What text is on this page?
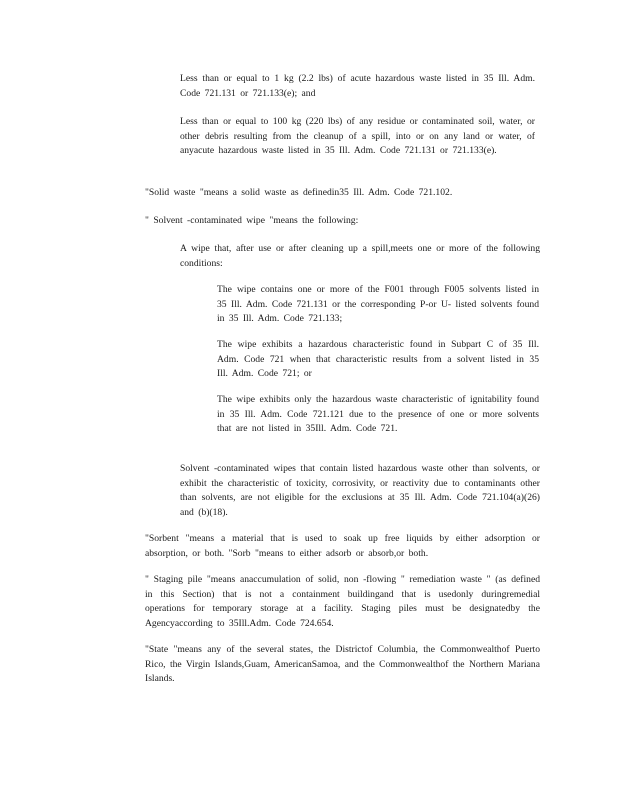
Less than or equal to 1 kg (2.2 lbs) of acute hazardous waste listed in 35 Ill. Adm. Code 721.131 or 721.133(e); and

Less than or equal to 100 kg (220 lbs) of any residue or contaminated soil, water, or other debris resulting from the cleanup of a spill, into or on any land or water, of anyacute hazardous waste listed in 35 Ill. Adm. Code 721.131 or 721.133(e).

"Solid waste "means a solid waste as definedin35 Ill. Adm. Code 721.102.

" Solvent -contaminated wipe "means the following:

A wipe that, after use or after cleaning up a spill,meets one or more of the following conditions:

The wipe contains one or more of the F001 through F005 solvents listed in 35 Ill. Adm. Code 721.131 or the corresponding P-or U- listed solvents found in 35 Ill. Adm. Code 721.133;

The wipe exhibits a hazardous characteristic found in Subpart C of 35 Ill. Adm. Code 721 when that characteristic results from a solvent listed in 35 Ill. Adm. Code 721; or

The wipe exhibits only the hazardous waste characteristic of ignitability found in 35 Ill. Adm. Code 721.121 due to the presence of one or more solvents that are not listed in 35Ill. Adm. Code 721.

Solvent -contaminated wipes that contain listed hazardous waste other than solvents, or exhibit the characteristic of toxicity, corrosivity, or reactivity due to contaminants other than solvents, are not eligible for the exclusions at 35 Ill. Adm. Code 721.104(a)(26) and (b)(18).

"Sorbent "means a material that is used to soak up free liquids by either adsorption or absorption, or both. "Sorb "means to either adsorb or absorb,or both.

" Staging pile "means anaccumulation of solid, non -flowing " remediation waste " (as defined in this Section) that is not a containment buildingand that is usedonly duringremedial operations for temporary storage at a facility. Staging piles must be designatedby the Agencyaccording to 35Ill.Adm. Code 724.654.

"State "means any of the several states, the Districtof Columbia, the Commonwealthof Puerto Rico, the Virgin Islands,Guam, AmericanSamoa, and the Commonwealthof the Northern Mariana Islands.
